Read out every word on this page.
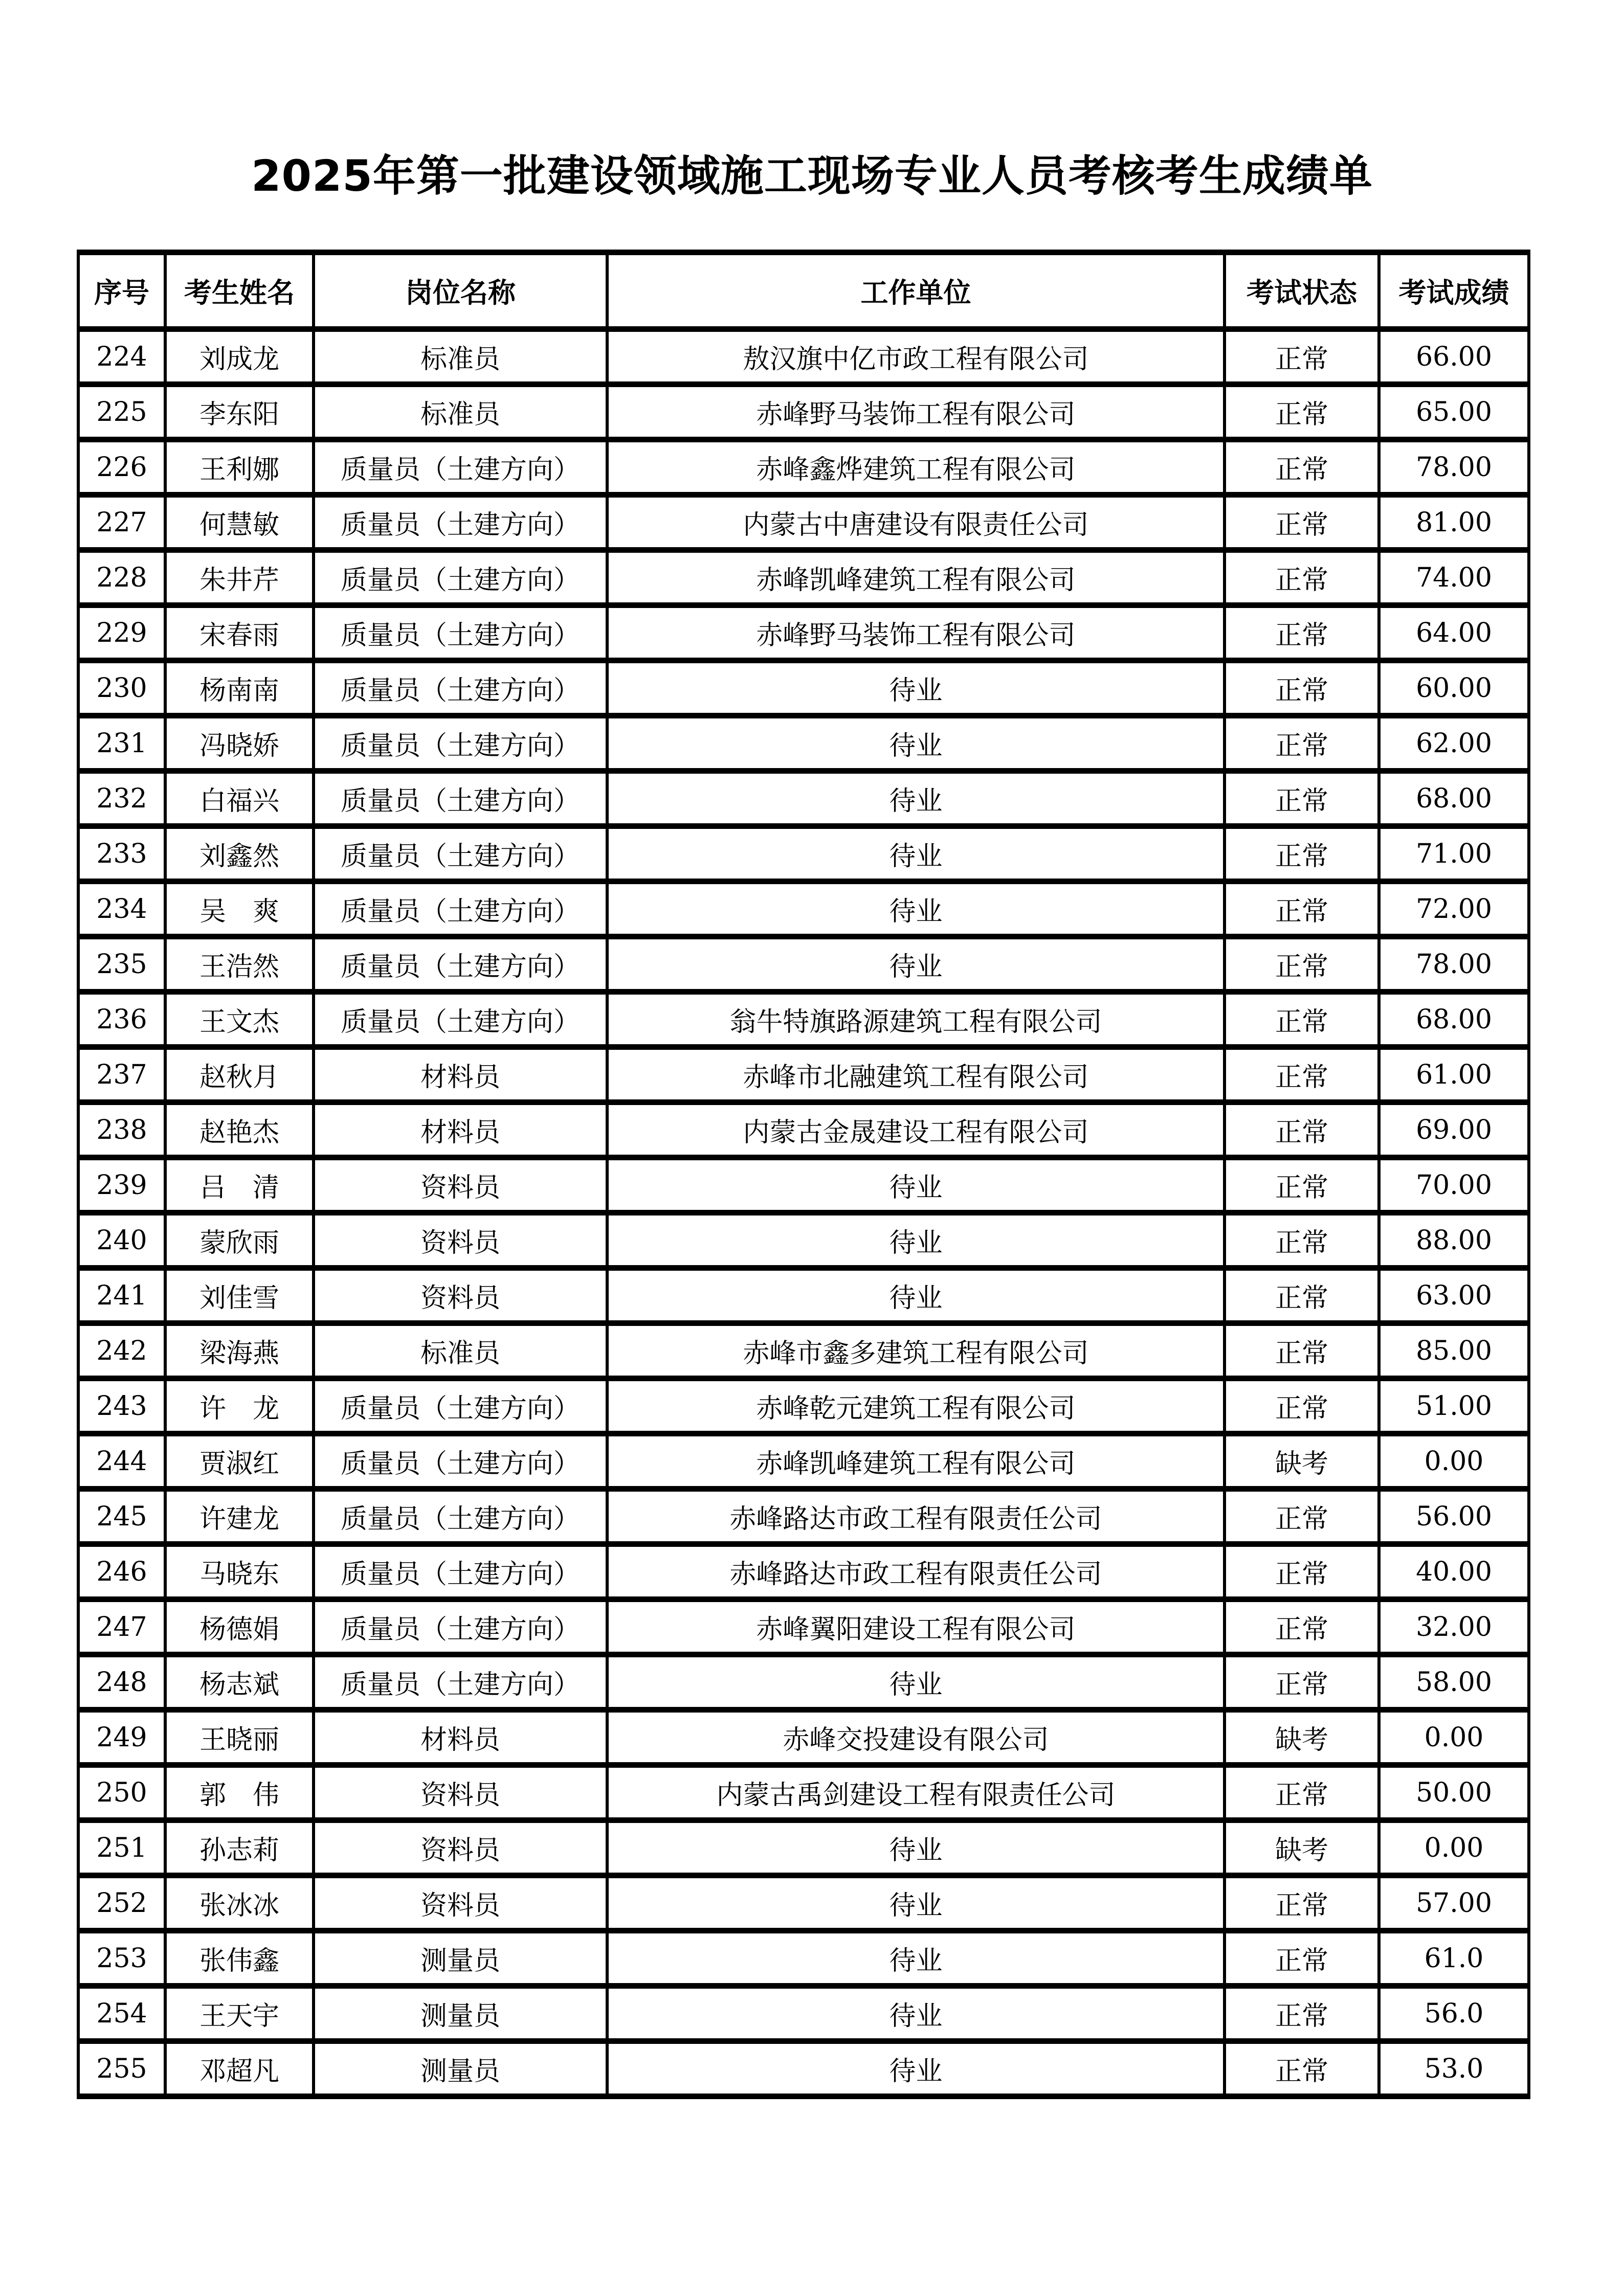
2025年第一批建设领域施工现场专业人员考核考生成绩单
序号	考生姓名	岗位名称	工作单位	考试状态	考试成绩
224	刘成龙	标准员	敖汉旗中亿市政工程有限公司	正常	66.00
225	李东阳	标准员	赤峰野马装饰工程有限公司	正常	65.00
226	王利娜	质量员（土建方向）	赤峰鑫烨建筑工程有限公司	正常	78.00
227	何慧敏	质量员（土建方向）	内蒙古中唐建设有限责任公司	正常	81.00
228	朱井芹	质量员（土建方向）	赤峰凯峰建筑工程有限公司	正常	74.00
229	宋春雨	质量员（土建方向）	赤峰野马装饰工程有限公司	正常	64.00
230	杨南南	质量员（土建方向）	待业	正常	60.00
231	冯晓娇	质量员（土建方向）	待业	正常	62.00
232	白福兴	质量员（土建方向）	待业	正常	68.00
233	刘鑫然	质量员（土建方向）	待业	正常	71.00
234	吴爽	质量员（土建方向）	待业	正常	72.00
235	王浩然	质量员（土建方向）	待业	正常	78.00
236	王文杰	质量员（土建方向）	翁牛特旗路源建筑工程有限公司	正常	68.00
237	赵秋月	材料员	赤峰市北融建筑工程有限公司	正常	61.00
238	赵艳杰	材料员	内蒙古金晟建设工程有限公司	正常	69.00
239	吕清	资料员	待业	正常	70.00
240	蒙欣雨	资料员	待业	正常	88.00
241	刘佳雪	资料员	待业	正常	63.00
242	梁海燕	标准员	赤峰市鑫多建筑工程有限公司	正常	85.00
243	许龙	质量员（土建方向）	赤峰乾元建筑工程有限公司	正常	51.00
244	贾淑红	质量员（土建方向）	赤峰凯峰建筑工程有限公司	缺考	0.00
245	许建龙	质量员（土建方向）	赤峰路达市政工程有限责任公司	正常	56.00
246	马晓东	质量员（土建方向）	赤峰路达市政工程有限责任公司	正常	40.00
247	杨德娟	质量员（土建方向）	赤峰翼阳建设工程有限公司	正常	32.00
248	杨志斌	质量员（土建方向）	待业	正常	58.00
249	王晓丽	材料员	赤峰交投建设有限公司	缺考	0.00
250	郭伟	资料员	内蒙古禹剑建设工程有限责任公司	正常	50.00
251	孙志莉	资料员	待业	缺考	0.00
252	张冰冰	资料员	待业	正常	57.00
253	张伟鑫	测量员	待业	正常	61.0
254	王天宇	测量员	待业	正常	56.0
255	邓超凡	测量员	待业	正常	53.0
